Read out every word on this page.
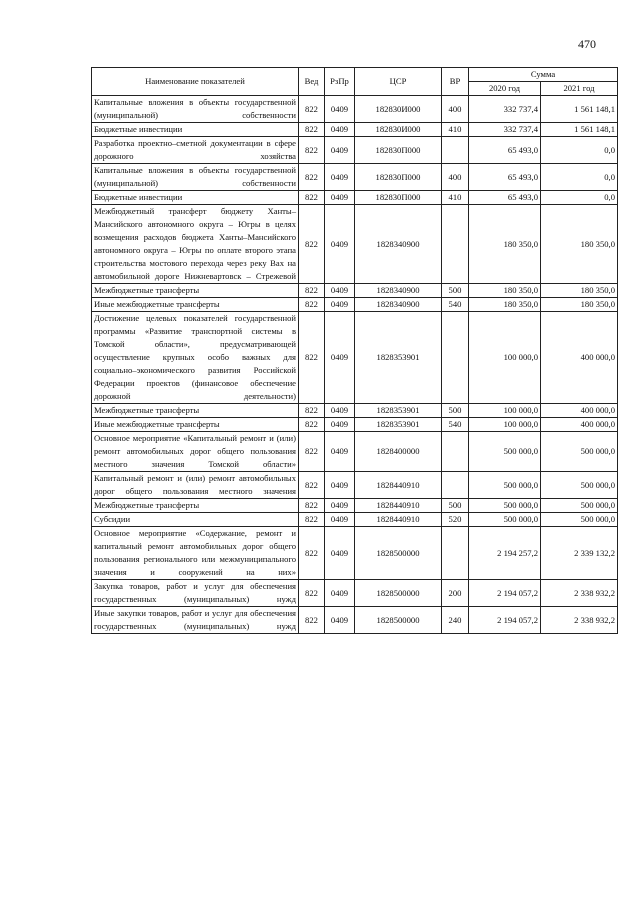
470
Наименование показателей	Вед	РзПр	ЦСР	ВР	Сумма	
					2020 год	2021 год
Капитальные вложения в объекты государственной (муниципальной) собственности	822	0409	182830И000	400	332 737,4	1 561 148,1
Бюджетные инвестиции	822	0409	182830И000	410	332 737,4	1 561 148,1
Разработка проектно–сметной документации в сфере дорожного хозяйства	822	0409	182830П000		65 493,0	0,0
Капитальные вложения в объекты государственной (муниципальной) собственности	822	0409	182830П000	400	65 493,0	0,0
Бюджетные инвестиции	822	0409	182830П000	410	65 493,0	0,0
Межбюджетный трансферт бюджету Ханты–Мансийского автономного округа – Югры в целях возмещения расходов бюджета Ханты–Мансийского автономного округа – Югры по оплате второго этапа строительства мостового перехода через реку Вах на автомобильной дороге Нижневартовск – Стрежевой	822	0409	1828340900		180 350,0	180 350,0
Межбюджетные трансферты	822	0409	1828340900	500	180 350,0	180 350,0
Иные межбюджетные трансферты	822	0409	1828340900	540	180 350,0	180 350,0
Достижение целевых показателей государственной программы «Развитие транспортной системы в Томской области», предусматривающей осуществление крупных особо важных для социально–экономического развития Российской Федерации проектов (финансовое обеспечение дорожной деятельности)	822	0409	1828353901		100 000,0	400 000,0
Межбюджетные трансферты	822	0409	1828353901	500	100 000,0	400 000,0
Иные межбюджетные трансферты	822	0409	1828353901	540	100 000,0	400 000,0
Основное мероприятие «Капитальный ремонт и (или) ремонт автомобильных дорог общего пользования местного значения Томской области»	822	0409	1828400000		500 000,0	500 000,0
Капитальный ремонт и (или) ремонт автомобильных дорог общего пользования местного значения	822	0409	1828440910		500 000,0	500 000,0
Межбюджетные трансферты	822	0409	1828440910	500	500 000,0	500 000,0
Субсидии	822	0409	1828440910	520	500 000,0	500 000,0
Основное мероприятие «Содержание, ремонт и капитальный ремонт автомобильных дорог общего пользования регионального или межмуниципального значения и сооружений на них»	822	0409	1828500000		2 194 257,2	2 339 132,2
Закупка товаров, работ и услуг для обеспечения государственных (муниципальных) нужд	822	0409	1828500000	200	2 194 057,2	2 338 932,2
Иные закупки товаров, работ и услуг для обеспечения государственных (муниципальных) нужд	822	0409	1828500000	240	2 194 057,2	2 338 932,2
